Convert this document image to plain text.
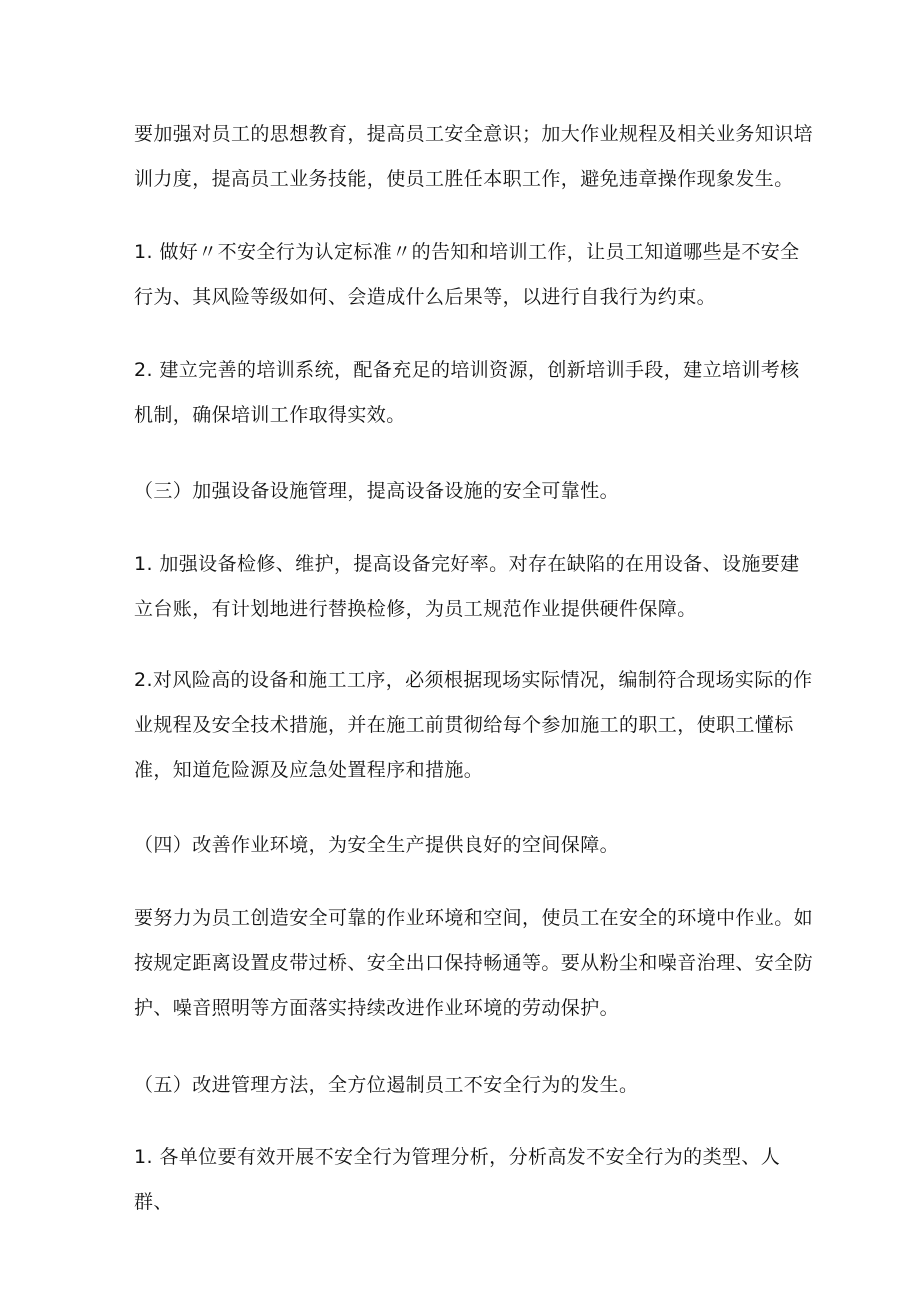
要加强对员工的思想教育，提高员工安全意识；加大作业规程及相关业务知识培训力度，提高员工业务技能，使员工胜任本职工作，避免违章操作现象发生。

1. 做好〃不安全行为认定标准〃的告知和培训工作，让员工知道哪些是不安全行为、其风险等级如何、会造成什么后果等，以进行自我行为约束。

2. 建立完善的培训系统，配备充足的培训资源，创新培训手段，建立培训考核机制，确保培训工作取得实效。

（三）加强设备设施管理，提高设备设施的安全可靠性。

1. 加强设备检修、维护，提高设备完好率。对存在缺陷的在用设备、设施要建立台账，有计划地进行替换检修，为员工规范作业提供硬件保障。

2.对风险高的设备和施工工序，必须根据现场实际情况，编制符合现场实际的作业规程及安全技术措施，并在施工前贯彻给每个参加施工的职工，使职工懂标准，知道危险源及应急处置程序和措施。

（四）改善作业环境，为安全生产提供良好的空间保障。

要努力为员工创造安全可靠的作业环境和空间，使员工在安全的环境中作业。如按规定距离设置皮带过桥、安全出口保持畅通等。要从粉尘和噪音治理、安全防护、噪音照明等方面落实持续改进作业环境的劳动保护。

（五）改进管理方法，全方位遏制员工不安全行为的发生。

1. 各单位要有效开展不安全行为管理分析，分析高发不安全行为的类型、人群、
